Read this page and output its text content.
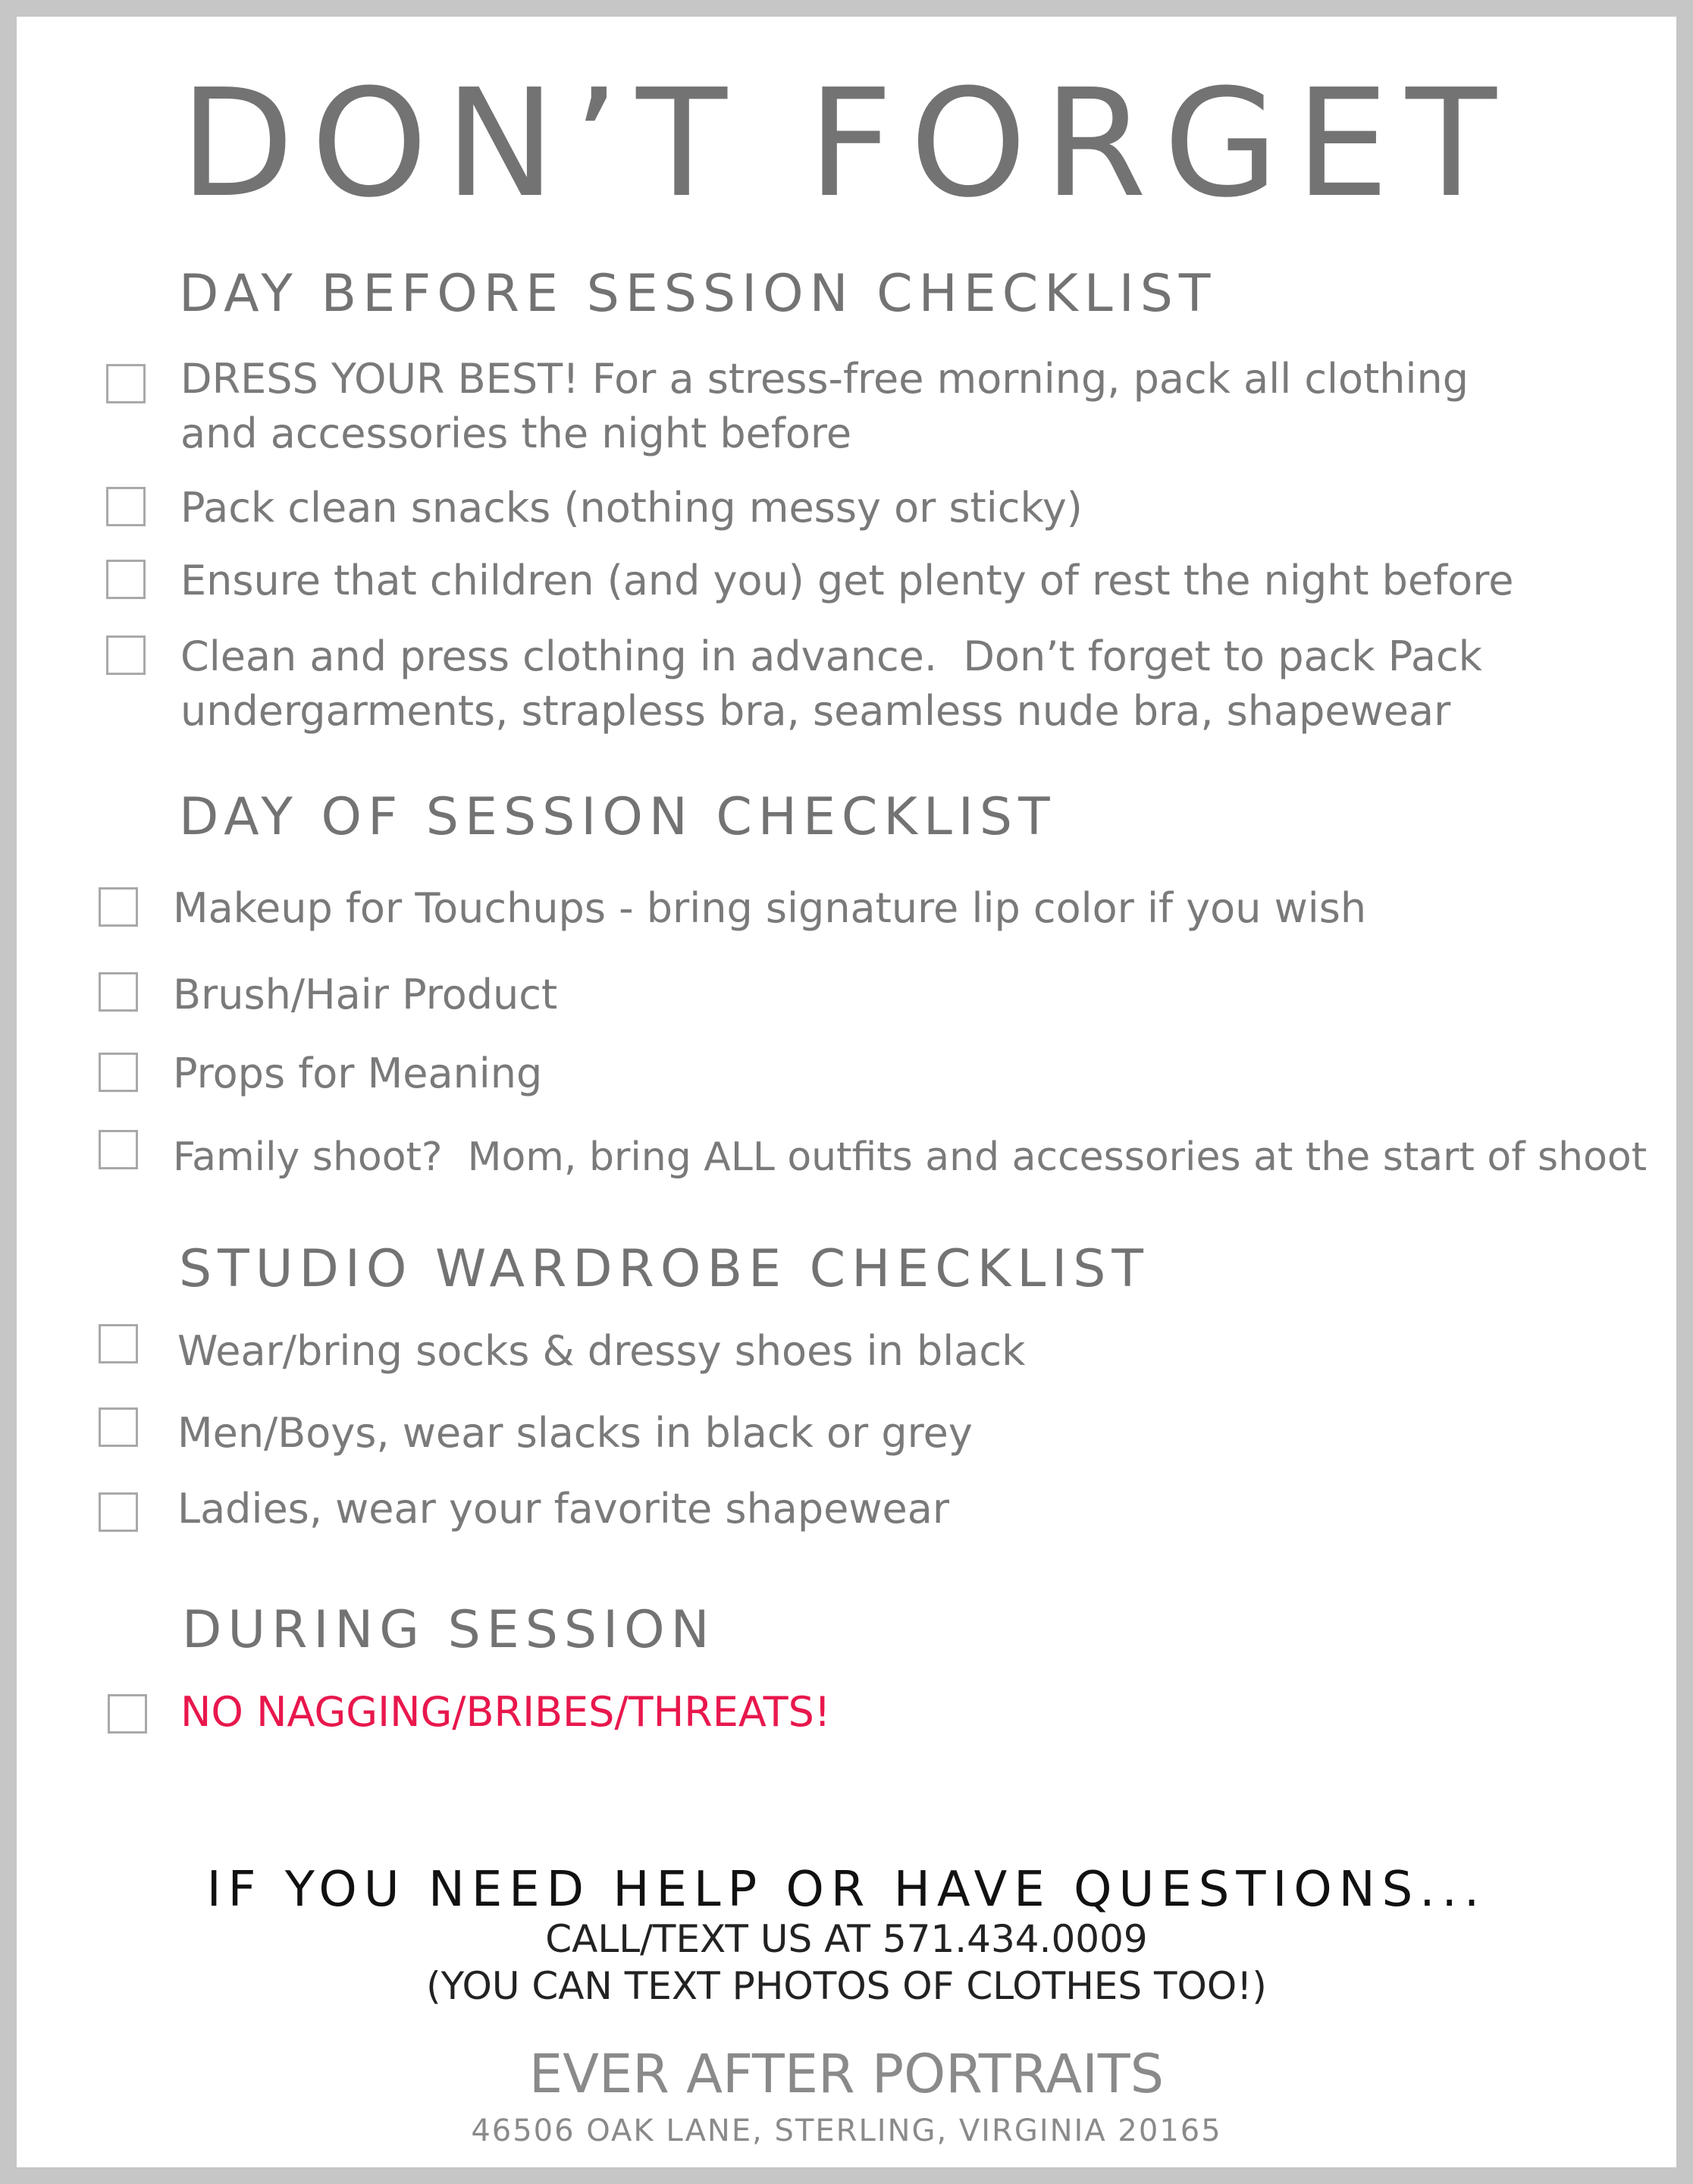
DON’T FORGET
DAY BEFORE SESSION CHECKLIST
DRESS YOUR BEST! For a stress-free morning, pack all clothing
and accessories the night before
Pack clean snacks (nothing messy or sticky)
Ensure that children (and you) get plenty of rest the night before
Clean and press clothing in advance.  Don’t forget to pack Pack
undergarments, strapless bra, seamless nude bra, shapewear
DAY OF SESSION CHECKLIST
Makeup for Touchups - bring signature lip color if you wish
Brush/Hair Product
Props for Meaning
Family shoot?  Mom, bring ALL outfits and accessories at the start of shoot
STUDIO WARDROBE CHECKLIST
Wear/bring socks & dressy shoes in black
Men/Boys, wear slacks in black or grey
Ladies, wear your favorite shapewear
DURING SESSION
NO NAGGING/BRIBES/THREATS!
IF YOU NEED HELP OR HAVE QUESTIONS...
CALL/TEXT US AT 571.434.0009
(YOU CAN TEXT PHOTOS OF CLOTHES TOO!)
EVER AFTER PORTRAITS
46506 OAK LANE, STERLING, VIRGINIA 20165
